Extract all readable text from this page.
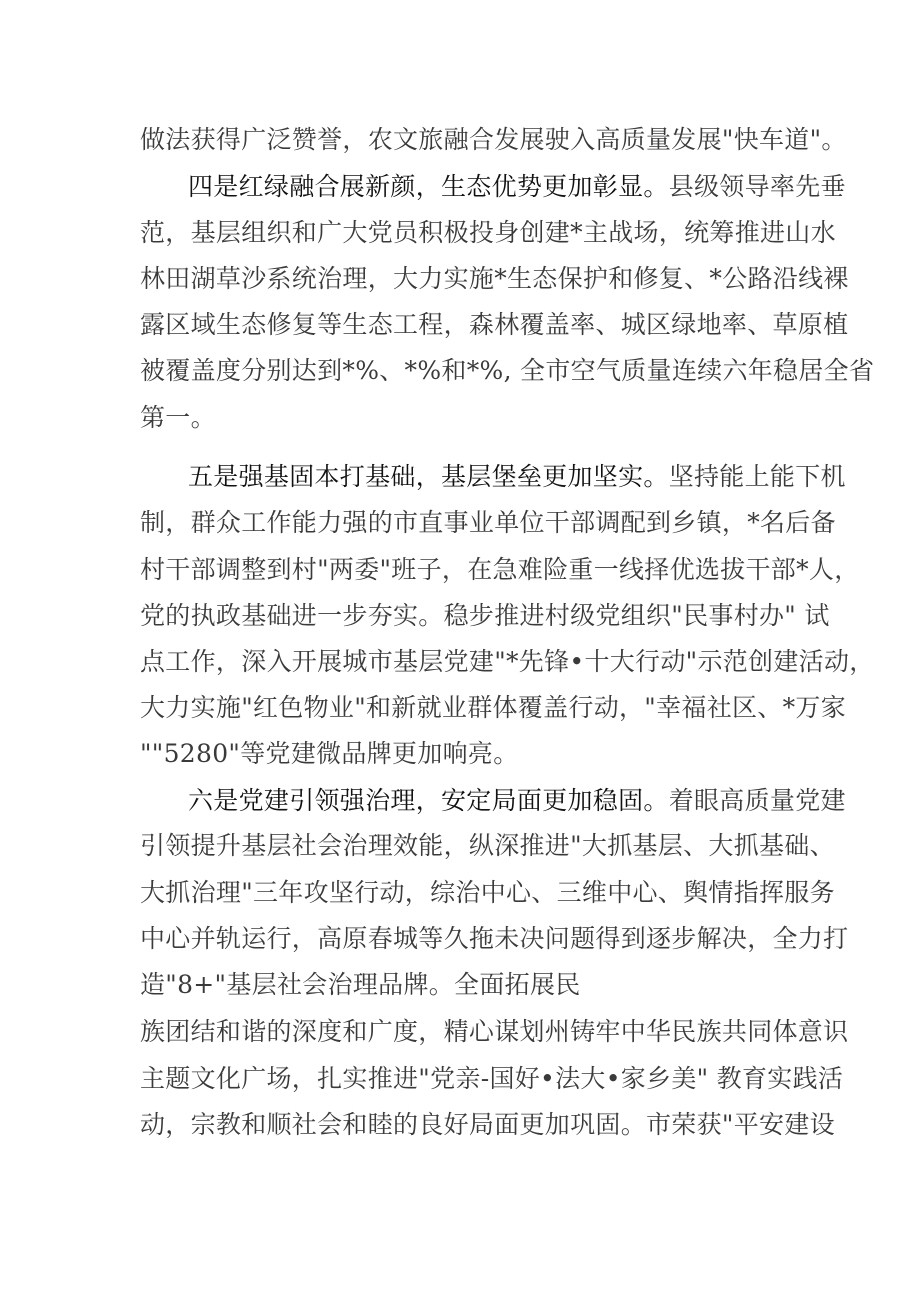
做法获得广泛赞誉，农文旅融合发展驶入高质量发展"快车道"。
四是红绿融合展新颜，生态优势更加彰显。县级领导率先垂
范，基层组织和广大党员积极投身创建*主战场，统筹推进山水
林田湖草沙系统治理，大力实施*生态保护和修复、*公路沿线裸
露区域生态修复等生态工程，森林覆盖率、城区绿地率、草原植
被覆盖度分别达到*%、*%和*%, 全市空气质量连续六年稳居全省
第一。
五是强基固本打基础，基层堡垒更加坚实。坚持能上能下机
制，群众工作能力强的市直事业单位干部调配到乡镇，*名后备
村干部调整到村"两委"班子，在急难险重一线择优选拔干部*人，
党的执政基础进一步夯实。稳步推进村级党组织"民事村办" 试
点工作，深入开展城市基层党建"*先锋•十大行动"示范创建活动，
大力实施"红色物业"和新就业群体覆盖行动，"幸福社区、*万家
""5280"等党建微品牌更加响亮。
六是党建引领强治理，安定局面更加稳固。着眼高质量党建
引领提升基层社会治理效能，纵深推进"大抓基层、大抓基础、
大抓治理"三年攻坚行动，综治中心、三维中心、舆情指挥服务
中心并轨运行，高原春城等久拖未决问题得到逐步解决，全力打
造"8+"基层社会治理品牌。全面拓展民
族团结和谐的深度和广度，精心谋划州铸牢中华民族共同体意识
主题文化广场，扎实推进"党亲-国好•法大•家乡美" 教育实践活
动，宗教和顺社会和睦的良好局面更加巩固。市荣获"平安建设
